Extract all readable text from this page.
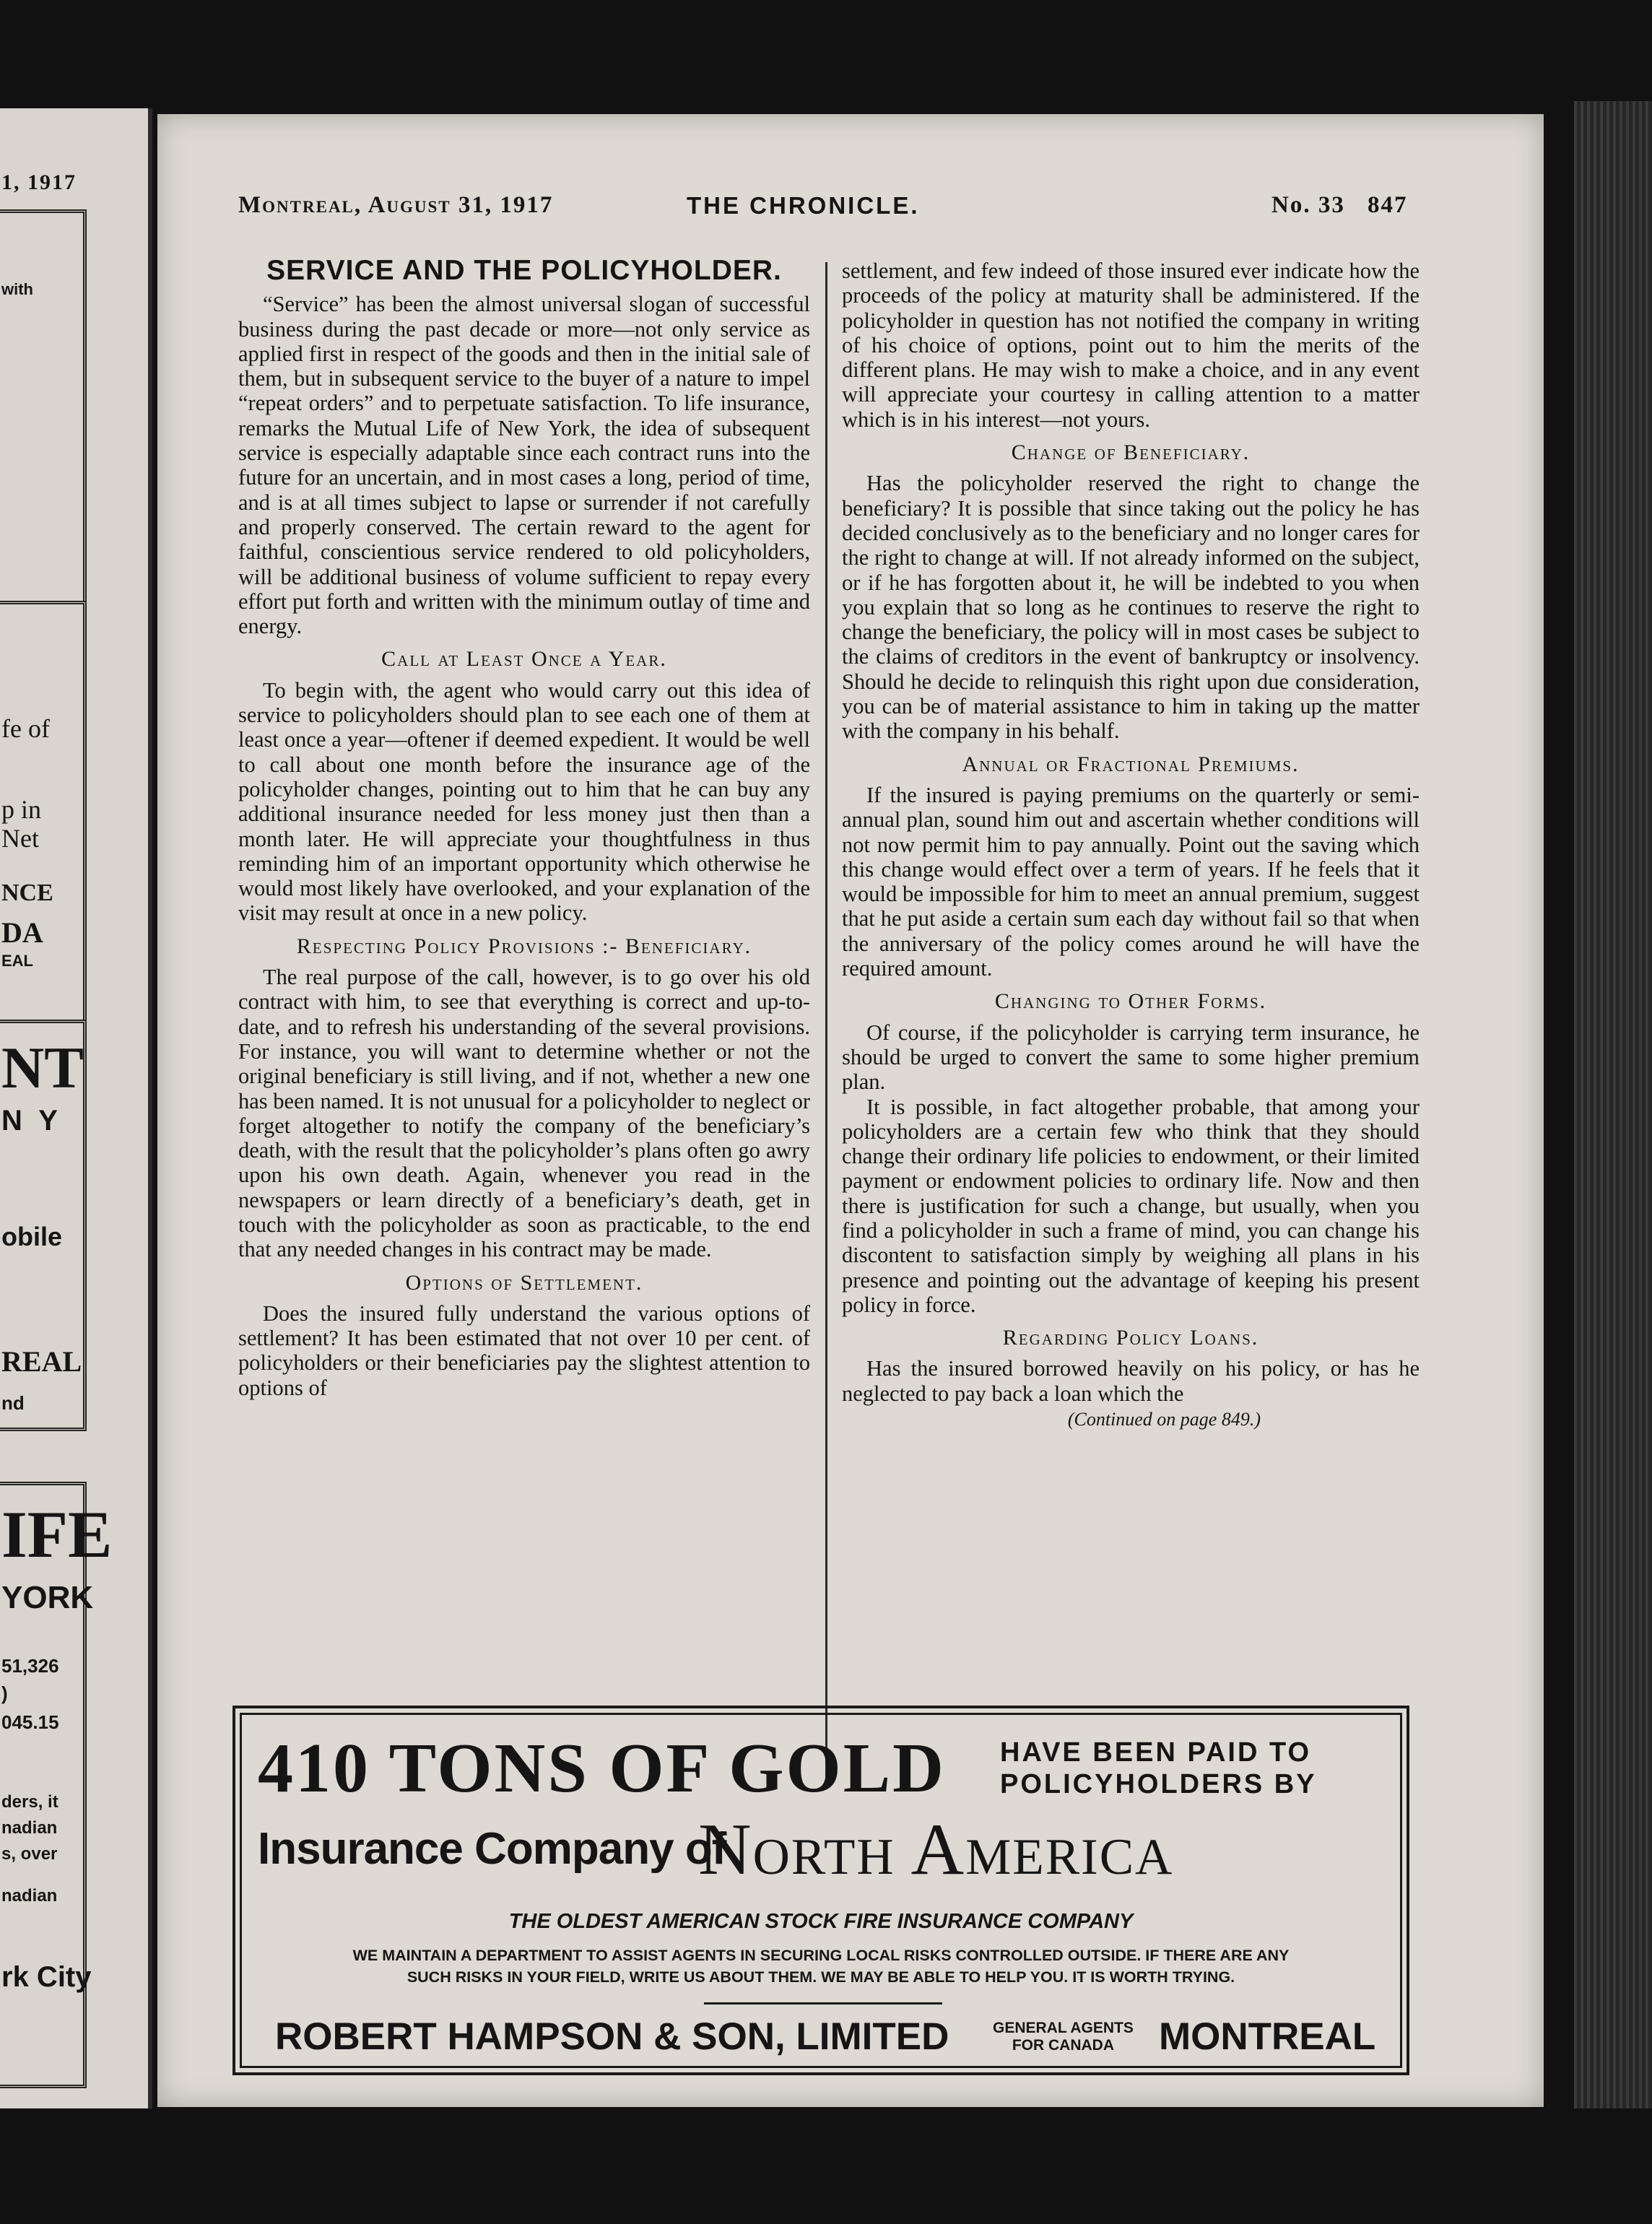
1, 1917
with
fe of
p in
Net
NCE
DA
EAL
NT
N Y
obile
REAL
nd
IFE
YORK
51,326
)
045.15
ders, it
nadian
s, over
nadian
rk City
Montreal, August 31, 1917	THE CHRONICLE.	No. 33 847
SERVICE AND THE POLICYHOLDER.

“Service” has been the almost universal slogan of successful business during the past decade or more—not only service as applied first in respect of the goods and then in the initial sale of them, but in subsequent service to the buyer of a nature to impel “repeat orders” and to perpetuate satisfaction. To life insurance, remarks the Mutual Life of New York, the idea of subsequent service is especially adaptable since each contract runs into the future for an uncertain, and in most cases a long, period of time, and is at all times subject to lapse or surrender if not carefully and properly conserved. The certain reward to the agent for faithful, conscientious service rendered to old policyholders, will be additional business of volume sufficient to repay every effort put forth and written with the minimum outlay of time and energy.

Call at Least Once a Year.

To begin with, the agent who would carry out this idea of service to policyholders should plan to see each one of them at least once a year—oftener if deemed expedient. It would be well to call about one month before the insurance age of the policyholder changes, pointing out to him that he can buy any additional insurance needed for less money just then than a month later. He will appreciate your thoughtfulness in thus reminding him of an important opportunity which otherwise he would most likely have overlooked, and your explanation of the visit may result at once in a new policy.

Respecting Policy Provisions :- Beneficiary.

The real purpose of the call, however, is to go over his old contract with him, to see that everything is correct and up-to-date, and to refresh his understanding of the several provisions. For instance, you will want to determine whether or not the original beneficiary is still living, and if not, whether a new one has been named. It is not unusual for a policyholder to neglect or forget altogether to notify the company of the beneficiary’s death, with the result that the policyholder’s plans often go awry upon his own death. Again, whenever you read in the newspapers or learn directly of a beneficiary’s death, get in touch with the policyholder as soon as practicable, to the end that any needed changes in his contract may be made.

Options of Settlement.

Does the insured fully understand the various options of settlement? It has been estimated that not over 10 per cent. of policyholders or their beneficiaries pay the slightest attention to options of

settlement, and few indeed of those insured ever indicate how the proceeds of the policy at maturity shall be administered. If the policyholder in question has not notified the company in writing of his choice of options, point out to him the merits of the different plans. He may wish to make a choice, and in any event will appreciate your courtesy in calling attention to a matter which is in his interest—not yours.

Change of Beneficiary.

Has the policyholder reserved the right to change the beneficiary? It is possible that since taking out the policy he has decided conclusively as to the beneficiary and no longer cares for the right to change at will. If not already informed on the subject, or if he has forgotten about it, he will be indebted to you when you explain that so long as he continues to reserve the right to change the beneficiary, the policy will in most cases be subject to the claims of creditors in the event of bankruptcy or insolvency. Should he decide to relinquish this right upon due consideration, you can be of material assistance to him in taking up the matter with the company in his behalf.

Annual or Fractional Premiums.

If the insured is paying premiums on the quarterly or semi-annual plan, sound him out and ascertain whether conditions will not now permit him to pay annually. Point out the saving which this change would effect over a term of years. If he feels that it would be impossible for him to meet an annual premium, suggest that he put aside a certain sum each day without fail so that when the anniversary of the policy comes around he will have the required amount.

Changing to Other Forms.

Of course, if the policyholder is carrying term insurance, he should be urged to convert the same to some higher premium plan.

It is possible, in fact altogether probable, that among your policyholders are a certain few who think that they should change their ordinary life policies to endowment, or their limited payment or endowment policies to ordinary life. Now and then there is justification for such a change, but usually, when you find a policyholder in such a frame of mind, you can change his discontent to satisfaction simply by weighing all plans in his presence and pointing out the advantage of keeping his present policy in force.

Regarding Policy Loans.

Has the insured borrowed heavily on his policy, or has he neglected to pay back a loan which the

(Continued on page 849.)
410 TONS OF GOLD HAVE BEEN PAID TO
POLICYHOLDERS BY
Insurance Company of
North America
THE OLDEST AMERICAN STOCK FIRE INSURANCE COMPANY
WE MAINTAIN A DEPARTMENT TO ASSIST AGENTS IN SECURING LOCAL RISKS CONTROLLED OUTSIDE. IF THERE ARE ANY
SUCH RISKS IN YOUR FIELD, WRITE US ABOUT THEM. WE MAY BE ABLE TO HELP YOU. IT IS WORTH TRYING.
ROBERT HAMPSON & SON, LIMITED	GENERAL AGENTS
FOR CANADA	MONTREAL
